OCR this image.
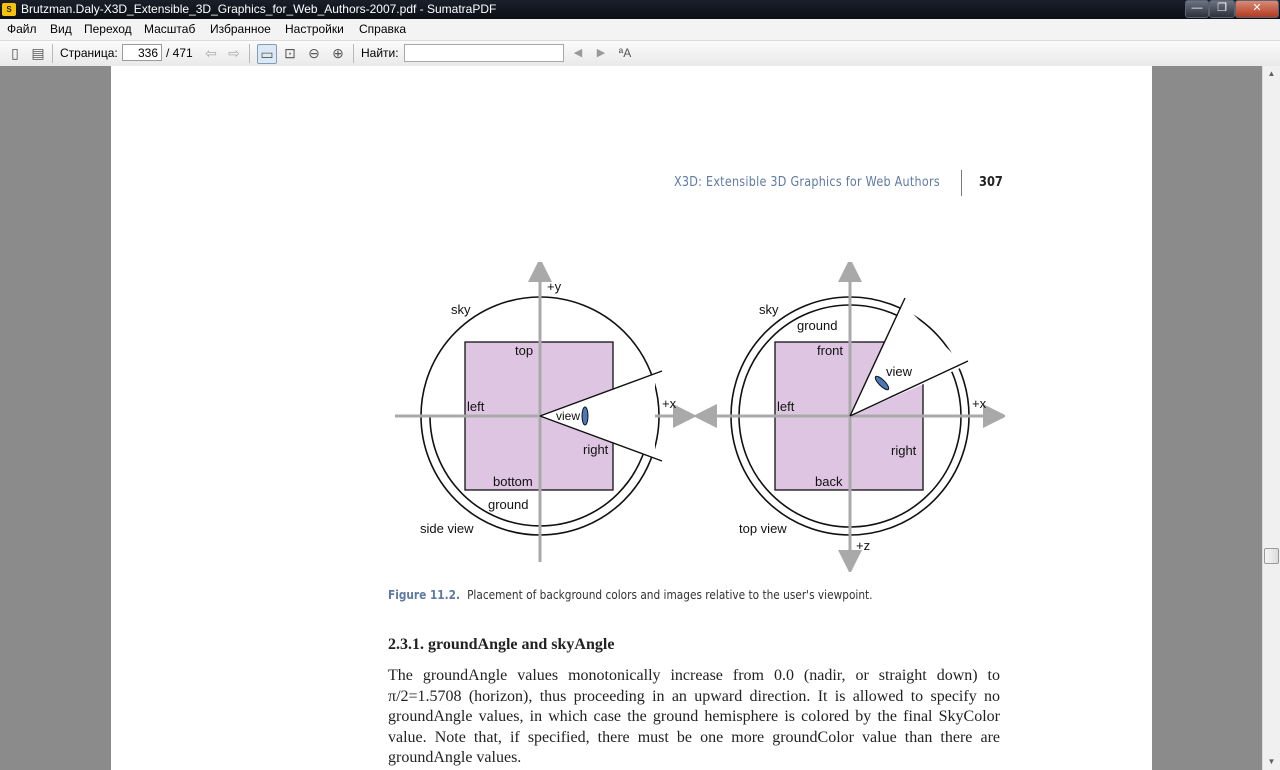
S Brutzman.Daly-X3D_Extensible_3D_Graphics_for_Web_Authors-2007.pdf - SumatraPDF	—	❐	✕
Файл Вид Переход Масштаб Избранное Настройки Справка
▯ ▤ Страница:
336	/ 471 ⇦ ⇨ ▭ ⊡ ⊖ ⊕ Найти:	◀	▶	ªA
X3D: Extensible 3D Graphics for Web Authors	307
+y
+x
sky
top
left
right
bottom
view
ground
side view
sky
ground
front
view
left	+x
right
back
top view
+z
Figure 11.2. Placement of background colors and images relative to the user's viewpoint.
2.3.1. groundAngle and skyAngle
The groundAngle values monotonically increase from 0.0 (nadir, or straight down) to π/2=1.5708 (horizon), thus proceeding in an upward direction. It is allowed to specify no groundAngle values, in which case the ground hemisphere is colored by the final SkyColor value. Note that, if specified, there must be one more groundColor value than there are groundAngle values.
▲
▼
